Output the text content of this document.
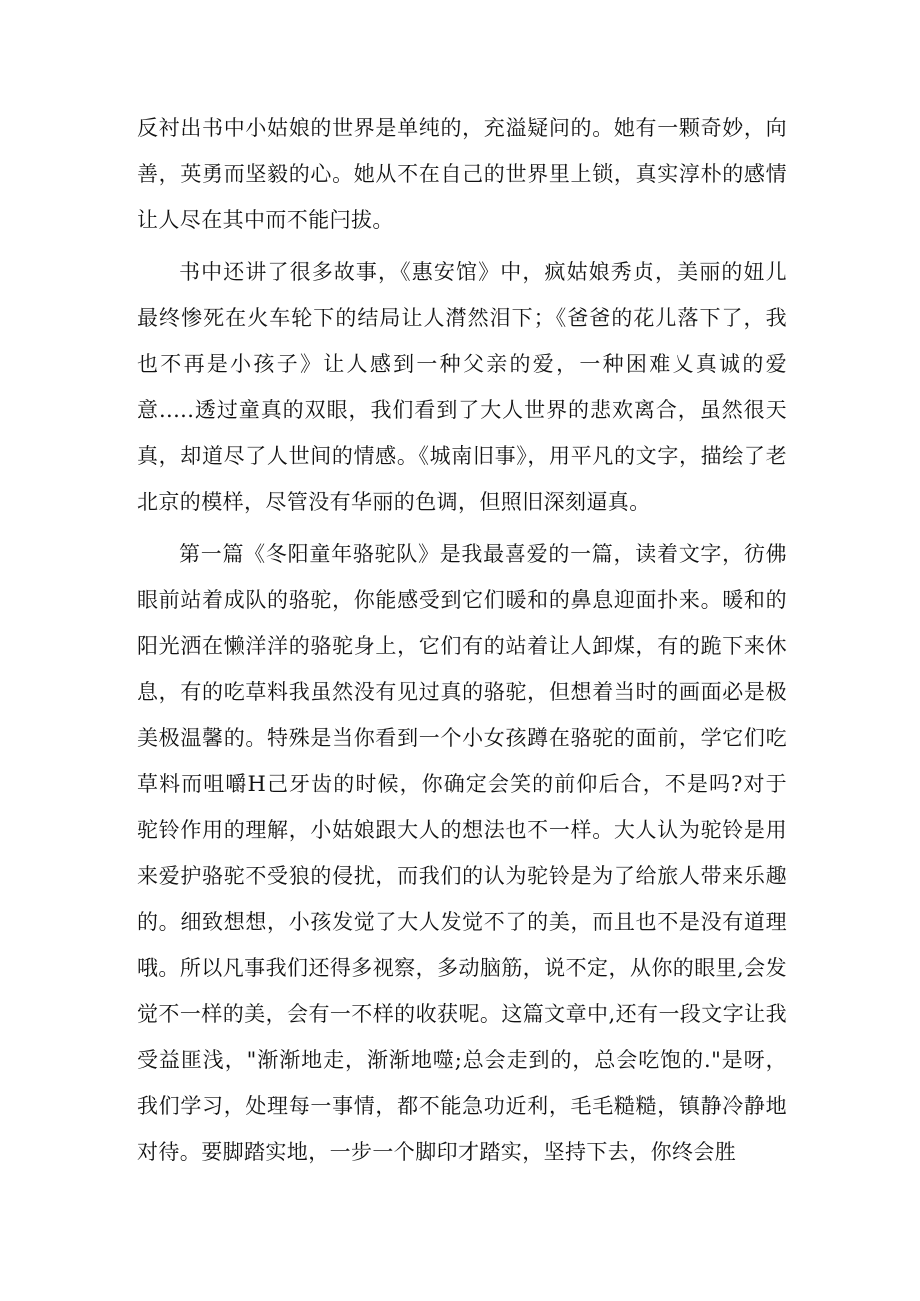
反衬出书中小姑娘的世界是单纯的，充溢疑问的。她有一颗奇妙，向善，英勇而坚毅的心。她从不在自己的世界里上锁，真实淳朴的感情让人尽在其中而不能闩拔。

书中还讲了很多故事，《惠安馆》中，疯姑娘秀贞，美丽的妞儿最终惨死在火车轮下的结局让人潸然泪下；《爸爸的花儿落下了，我也不再是小孩子》让人感到一种父亲的爱，一种困难乂真诚的爱意.....透过童真的双眼，我们看到了大人世界的悲欢离合，虽然很天真，却道尽了人世间的情感。《城南旧事》，用平凡的文字，描绘了老北京的模样，尽管没有华丽的色调，但照旧深刻逼真。

第一篇《冬阳童年骆驼队》是我最喜爱的一篇，读着文字，彷佛眼前站着成队的骆驼，你能感受到它们暖和的鼻息迎面扑来。暖和的阳光洒在懒洋洋的骆驼身上，它们有的站着让人卸煤，有的跪下来休息，有的吃草料我虽然没有见过真的骆驼，但想着当时的画面必是极美极温馨的。特殊是当你看到一个小女孩蹲在骆驼的面前，学它们吃草料而咀嚼H己牙齿的时候，你确定会笑的前仰后合，不是吗?对于驼铃作用的理解，小姑娘跟大人的想法也不一样。大人认为驼铃是用来爱护骆驼不受狼的侵扰，而我们的认为驼铃是为了给旅人带来乐趣的。细致想想，小孩发觉了大人发觉不了的美，而且也不是没有道理哦。所以凡事我们还得多视察，多动脑筋，说不定，从你的眼里,会发觉不一样的美，会有一不样的收获呢。这篇文章中,还有一段文字让我受益匪浅，"渐渐地走，渐渐地噬;总会走到的，总会吃饱的."是呀，我们学习，处理每一事情，都不能急功近利，毛毛糙糙，镇静冷静地对待。要脚踏实地，一步一个脚印才踏实，坚持下去，你终会胜
